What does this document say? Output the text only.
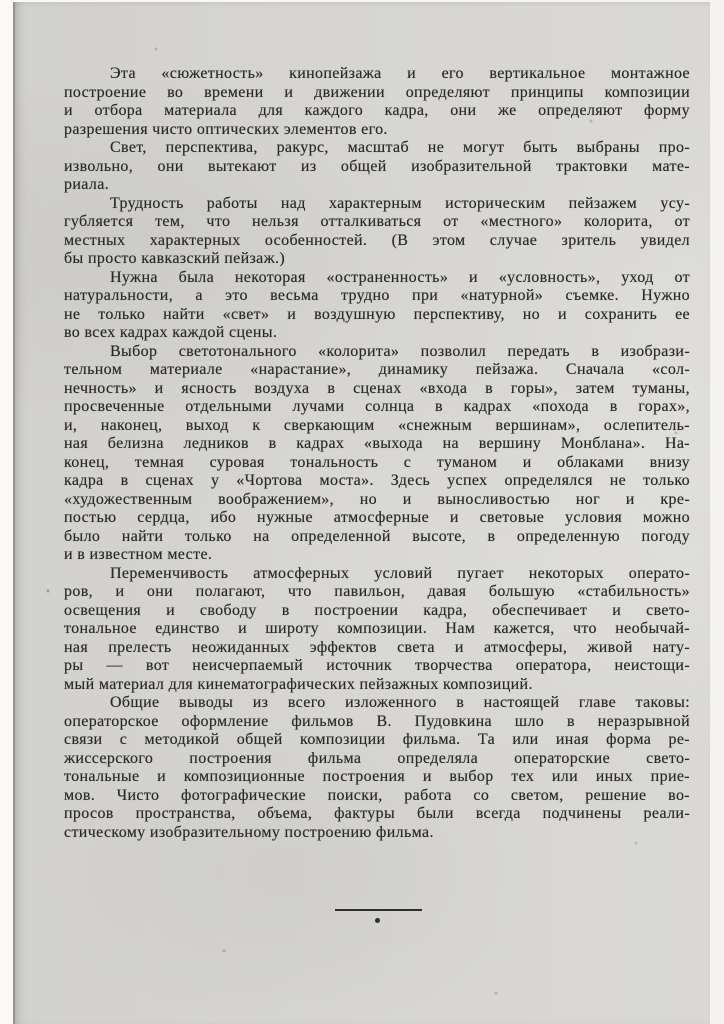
Эта «сюжетность» кинопейзажа и его вертикальное монтажное
построение во времени и движении определяют принципы композиции
и отбора материала для каждого кадра, они же определяют форму
разрешения чисто оптических элементов его.
Свет, перспектива, ракурс, масштаб не могут быть выбраны про-
извольно, они вытекают из общей изобразительной трактовки мате-
риала.
Трудность работы над характерным историческим пейзажем усу-
губляется тем, что нельзя отталкиваться от «местного» колорита, от
местных характерных особенностей. (В этом случае зритель увидел
бы просто кавказский пейзаж.)
Нужна была некоторая «остраненность» и «условность», уход от
натуральности, а это весьма трудно при «натурной» съемке. Нужно
не только найти «свет» и воздушную перспективу, но и сохранить ее
во всех кадрах каждой сцены.
Выбор светотонального «колорита» позволил передать в изобрази-
тельном материале «нарастание», динамику пейзажа. Сначала «сол-
нечность» и ясность воздуха в сценах «входа в горы», затем туманы,
просвеченные отдельными лучами солнца в кадрах «похода в горах»,
и, наконец, выход к сверкающим «снежным вершинам», ослепитель-
ная белизна ледников в кадрах «выхода на вершину Монблана». На-
конец, темная суровая тональность с туманом и облаками внизу
кадра в сценах у «Чортова моста». Здесь успех определялся не только
«художественным воображением», но и выносливостью ног и кре-
постью сердца, ибо нужные атмосферные и световые условия можно
было найти только на определенной высоте, в определенную погоду
и в известном месте.
Переменчивость атмосферных условий пугает некоторых операто-
ров, и они полагают, что павильон, давая большую «стабильность»
освещения и свободу в построении кадра, обеспечивает и свето-
тональное единство и широту композиции. Нам кажется, что необычай-
ная прелесть неожиданных эффектов света и атмосферы, живой нату-
ры — вот неисчерпаемый источник творчества оператора, неистощи-
мый материал для кинематографических пейзажных композиций.
Общие выводы из всего изложенного в настоящей главе таковы:
операторское оформление фильмов В. Пудовкина шло в неразрывной
связи с методикой общей композиции фильма. Та или иная форма ре-
жиссерского построения фильма определяла операторские свето-
тональные и композиционные построения и выбор тех или иных прие-
мов. Чисто фотографические поиски, работа со светом, решение во-
просов пространства, объема, фактуры были всегда подчинены реали-
стическому изобразительному построению фильма.
